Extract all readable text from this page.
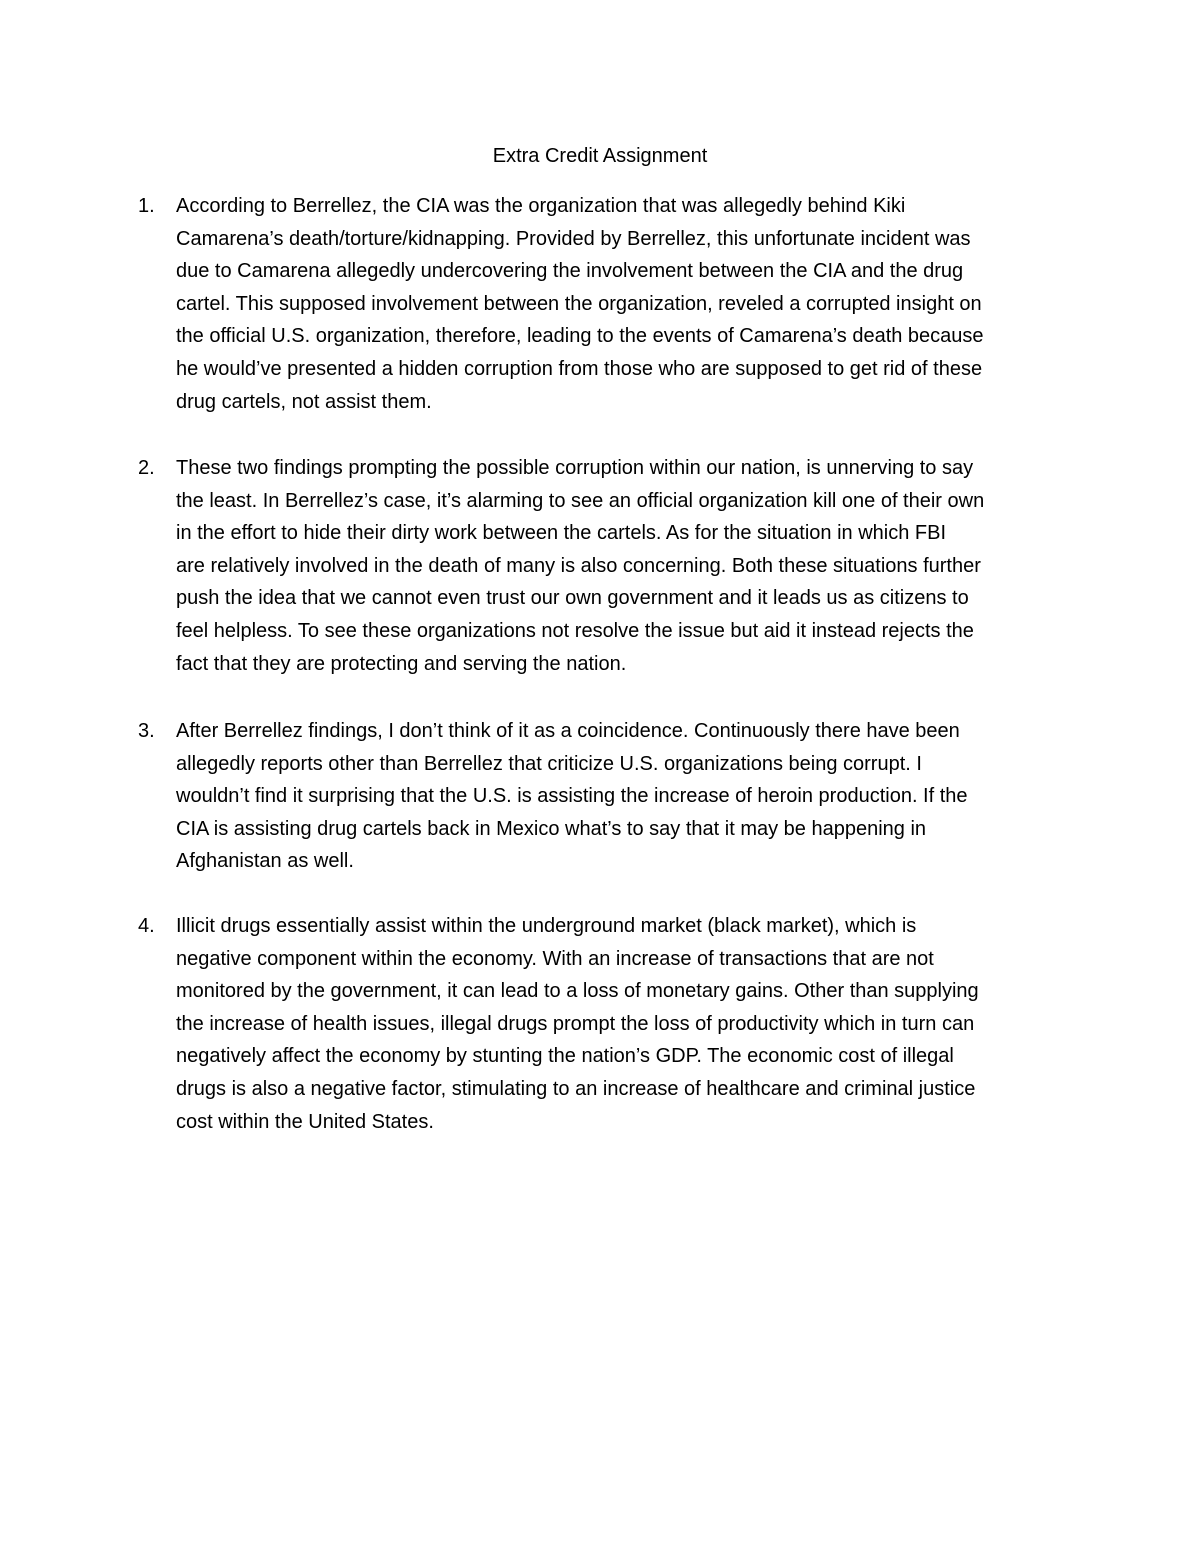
Extra Credit Assignment
1. According to Berrellez, the CIA was the organization that was allegedly behind Kiki
Camarena’s death/torture/kidnapping. Provided by Berrellez, this unfortunate incident was
due to Camarena allegedly undercovering the involvement between the CIA and the drug
cartel. This supposed involvement between the organization, reveled a corrupted insight on
the official U.S. organization, therefore, leading to the events of Camarena’s death because
he would’ve presented a hidden corruption from those who are supposed to get rid of these
drug cartels, not assist them.
2. These two findings prompting the possible corruption within our nation, is unnerving to say
the least. In Berrellez’s case, it’s alarming to see an official organization kill one of their own
in the effort to hide their dirty work between the cartels. As for the situation in which FBI
are relatively involved in the death of many is also concerning. Both these situations further
push the idea that we cannot even trust our own government and it leads us as citizens to
feel helpless. To see these organizations not resolve the issue but aid it instead rejects the
fact that they are protecting and serving the nation.
3. After Berrellez findings, I don’t think of it as a coincidence. Continuously there have been
allegedly reports other than Berrellez that criticize U.S. organizations being corrupt. I
wouldn’t find it surprising that the U.S. is assisting the increase of heroin production. If the
CIA is assisting drug cartels back in Mexico what’s to say that it may be happening in
Afghanistan as well.
4. Illicit drugs essentially assist within the underground market (black market), which is
negative component within the economy. With an increase of transactions that are not
monitored by the government, it can lead to a loss of monetary gains. Other than supplying
the increase of health issues, illegal drugs prompt the loss of productivity which in turn can
negatively affect the economy by stunting the nation’s GDP. The economic cost of illegal
drugs is also a negative factor, stimulating to an increase of healthcare and criminal justice
cost within the United States.
